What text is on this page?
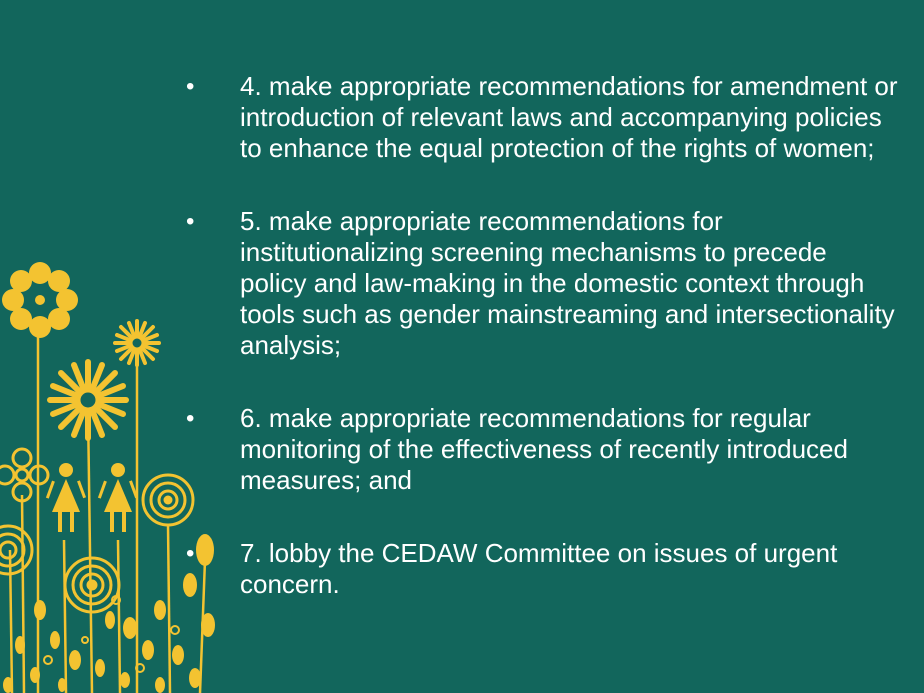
• 4. make appropriate recommendations for amendment or introduction of relevant laws and accompanying policies to enhance the equal protection of the rights of women;
• 5. make appropriate recommendations for institutionalizing screening mechanisms to precede policy and law-making in the domestic context through tools such as gender mainstreaming and intersectionality analysis;
• 6. make appropriate recommendations for regular monitoring of the effectiveness of recently introduced measures; and
• 7. lobby the CEDAW Committee on issues of urgent concern.
